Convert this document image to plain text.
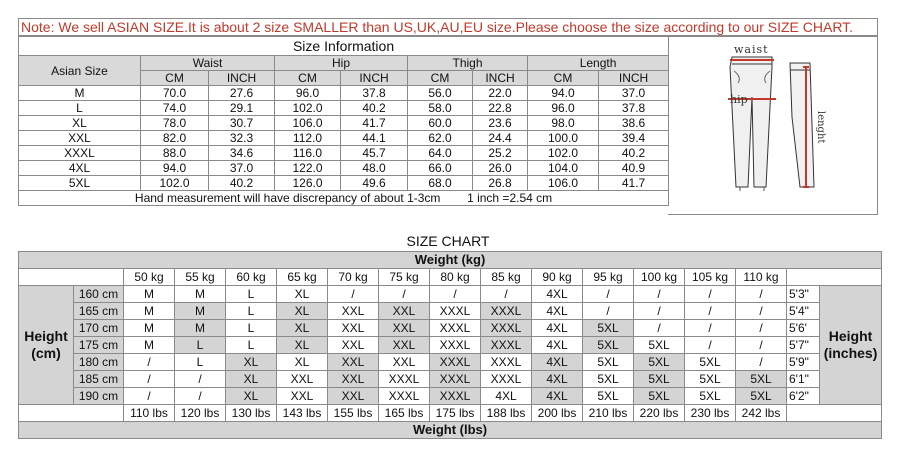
Note: We sell ASIAN SIZE.It is about 2 size SMALLER than US,UK,AU,EU size.Please choose the size according to our SIZE CHART.
Size Information								
Asian Size	Waist		Hip		Thigh		Length	
	CM	INCH	CM	INCH	CM	INCH	CM	INCH
M	70.0	27.6	96.0	37.8	56.0	22.0	94.0	37.0
L	74.0	29.1	102.0	40.2	58.0	22.8	96.0	37.8
XL	78.0	30.7	106.0	41.7	60.0	23.6	98.0	38.6
XXL	82.0	32.3	112.0	44.1	62.0	24.4	100.0	39.4
XXXL	88.0	34.6	116.0	45.7	64.0	25.2	102.0	40.2
4XL	94.0	37.0	122.0	48.0	66.0	26.0	104.0	40.9
5XL	102.0	40.2	126.0	49.6	68.0	26.8	106.0	41.7
Hand measurement will have discrepancy of about 1-3cm        1 inch =2.54 cm								
waist
hip
lenght
SIZE CHART
Weight (kg)																
		50 kg	55 kg	60 kg	65 kg	70 kg	75 kg	80 kg	85 kg	90 kg	95 kg	100 kg	105 kg	110 kg		
Height (cm)	160 cm	M	M	L	XL	/	/	/	/	4XL	/	/	/	/	5'3"	Height (inches)
	165 cm	M	M	L	XL	XXL	XXL	XXXL	XXXL	4XL	/	/	/	/	5'4"	
	170 cm	M	M	L	XL	XXL	XXL	XXXL	XXXL	4XL	5XL	/	/	/	5'6'	
	175 cm	M	L	L	XL	XXL	XXL	XXXL	XXXL	4XL	5XL	5XL	/	/	5'7"	
	180 cm	/	L	XL	XL	XXL	XXL	XXXL	XXXL	4XL	5XL	5XL	5XL	/	5'9"	
	185 cm	/	/	XL	XXL	XXL	XXXL	XXXL	XXXL	4XL	5XL	5XL	5XL	5XL	6'1"	
	190 cm	/	/	XL	XXL	XXL	XXXL	XXXL	4XL	4XL	5XL	5XL	5XL	5XL	6'2"	
		110 lbs	120 lbs	130 lbs	143 lbs	155 lbs	165 lbs	175 lbs	188 lbs	200 lbs	210 lbs	220 lbs	230 lbs	242 lbs		
Weight (lbs)																
